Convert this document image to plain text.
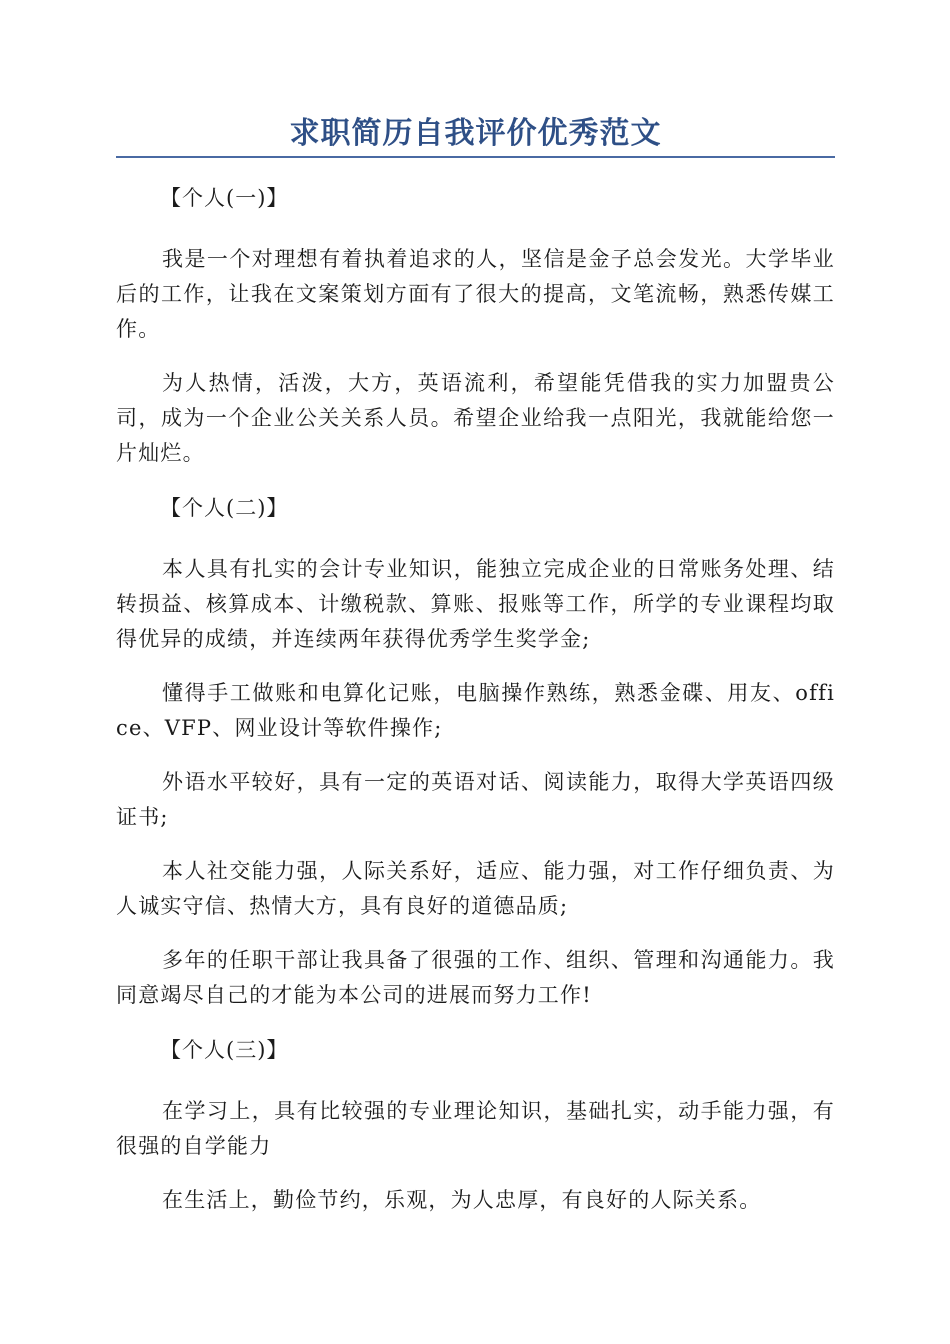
求职简历自我评价优秀范文

【个人(一)】

我是一个对理想有着执着追求的人，坚信是金子总会发光。大学毕业后的工作，让我在文案策划方面有了很大的提高，文笔流畅，熟悉传媒工作。

为人热情，活泼，大方，英语流利，希望能凭借我的实力加盟贵公司，成为一个企业公关关系人员。希望企业给我一点阳光，我就能给您一片灿烂。

【个人(二)】

本人具有扎实的会计专业知识，能独立完成企业的日常账务处理、结转损益、核算成本、计缴税款、算账、报账等工作，所学的专业课程均取得优异的成绩，并连续两年获得优秀学生奖学金;

懂得手工做账和电算化记账，电脑操作熟练，熟悉金碟、用友、office、VFP、网业设计等软件操作;

外语水平较好，具有一定的英语对话、阅读能力，取得大学英语四级证书;

本人社交能力强，人际关系好，适应、能力强，对工作仔细负责、为人诚实守信、热情大方，具有良好的道德品质;

多年的任职干部让我具备了很强的工作、组织、管理和沟通能力。我同意竭尽自己的才能为本公司的进展而努力工作!

【个人(三)】

在学习上，具有比较强的专业理论知识，基础扎实，动手能力强，有很强的自学能力

在生活上，勤俭节约，乐观，为人忠厚，有良好的人际关系。
